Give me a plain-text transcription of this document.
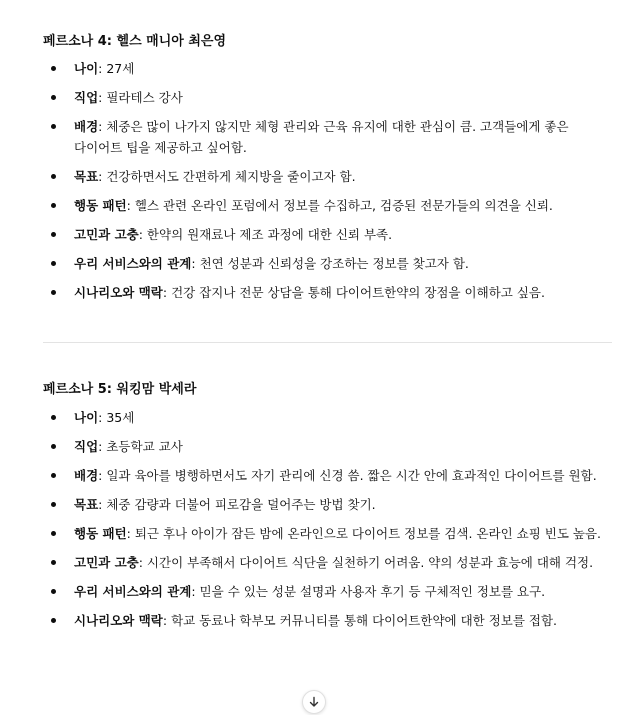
페르소나 4: 헬스 매니아 최은영
나이: 27세
직업: 필라테스 강사
배경: 체중은 많이 나가지 않지만 체형 관리와 근육 유지에 대한 관심이 큼. 고객들에게 좋은 다이어트 팁을 제공하고 싶어함.
목표: 건강하면서도 간편하게 체지방을 줄이고자 함.
행동 패턴: 헬스 관련 온라인 포럼에서 정보를 수집하고, 검증된 전문가들의 의견을 신뢰.
고민과 고충: 한약의 원재료나 제조 과정에 대한 신뢰 부족.
우리 서비스와의 관계: 천연 성분과 신뢰성을 강조하는 정보를 찾고자 함.
시나리오와 맥락: 건강 잡지나 전문 상담을 통해 다이어트한약의 장점을 이해하고 싶음.
페르소나 5: 워킹맘 박세라
나이: 35세
직업: 초등학교 교사
배경: 일과 육아를 병행하면서도 자기 관리에 신경 씀. 짧은 시간 안에 효과적인 다이어트를 원함.
목표: 체중 감량과 더불어 피로감을 덜어주는 방법 찾기.
행동 패턴: 퇴근 후나 아이가 잠든 밤에 온라인으로 다이어트 정보를 검색. 온라인 쇼핑 빈도 높음.
고민과 고충: 시간이 부족해서 다이어트 식단을 실천하기 어려움. 약의 성분과 효능에 대해 걱정.
우리 서비스와의 관계: 믿을 수 있는 성분 설명과 사용자 후기 등 구체적인 정보를 요구.
시나리오와 맥락: 학교 동료나 학부모 커뮤니티를 통해 다이어트한약에 대한 정보를 접함.
